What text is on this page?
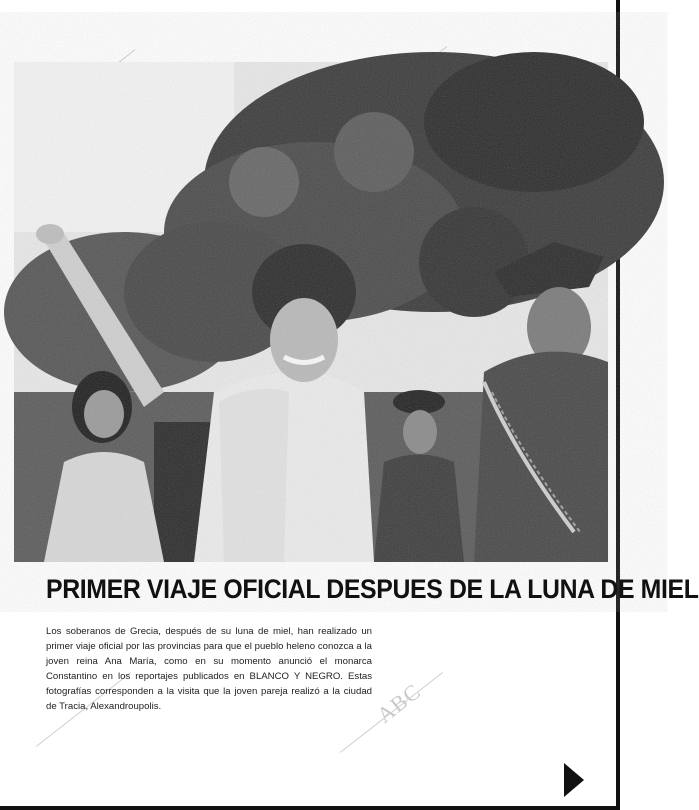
ABC
PRIMER VIAJE OFICIAL DESPUES DE LA LUNA DE MIEL
Los soberanos de Grecia, después de su luna de miel, han realizado un primer viaje oficial por las provincias para que el pueblo heleno conozca a la joven reina Ana María, como en su momento anunció el monarca Constantino en los reportajes publicados en BLANCO Y NEGRO. Estas fotografías corresponden a la visita que la joven pareja realizó a la ciudad de Tracia, Alexandroupolis.
